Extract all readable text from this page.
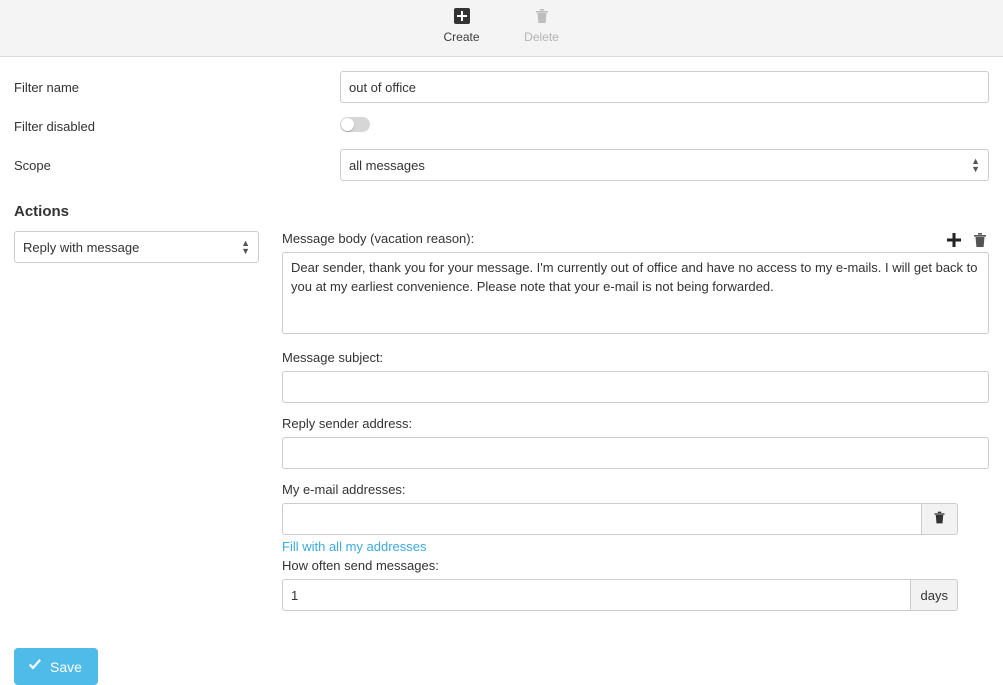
Create	Delete
Filter name
out of office
Filter disabled
Scope
all messages	▲
▼
Actions
Reply with message
▲
▼
Message body (vacation reason):
Dear sender, thank you for your message. I'm currently out of office and have no access to my e-mails. I will get back to you at my earliest convenience. Please note that your e-mail is not being forwarded.
Message subject:
Reply sender address:
My e-mail addresses:
Fill with all my addresses
How often send messages:
1
days
Save
